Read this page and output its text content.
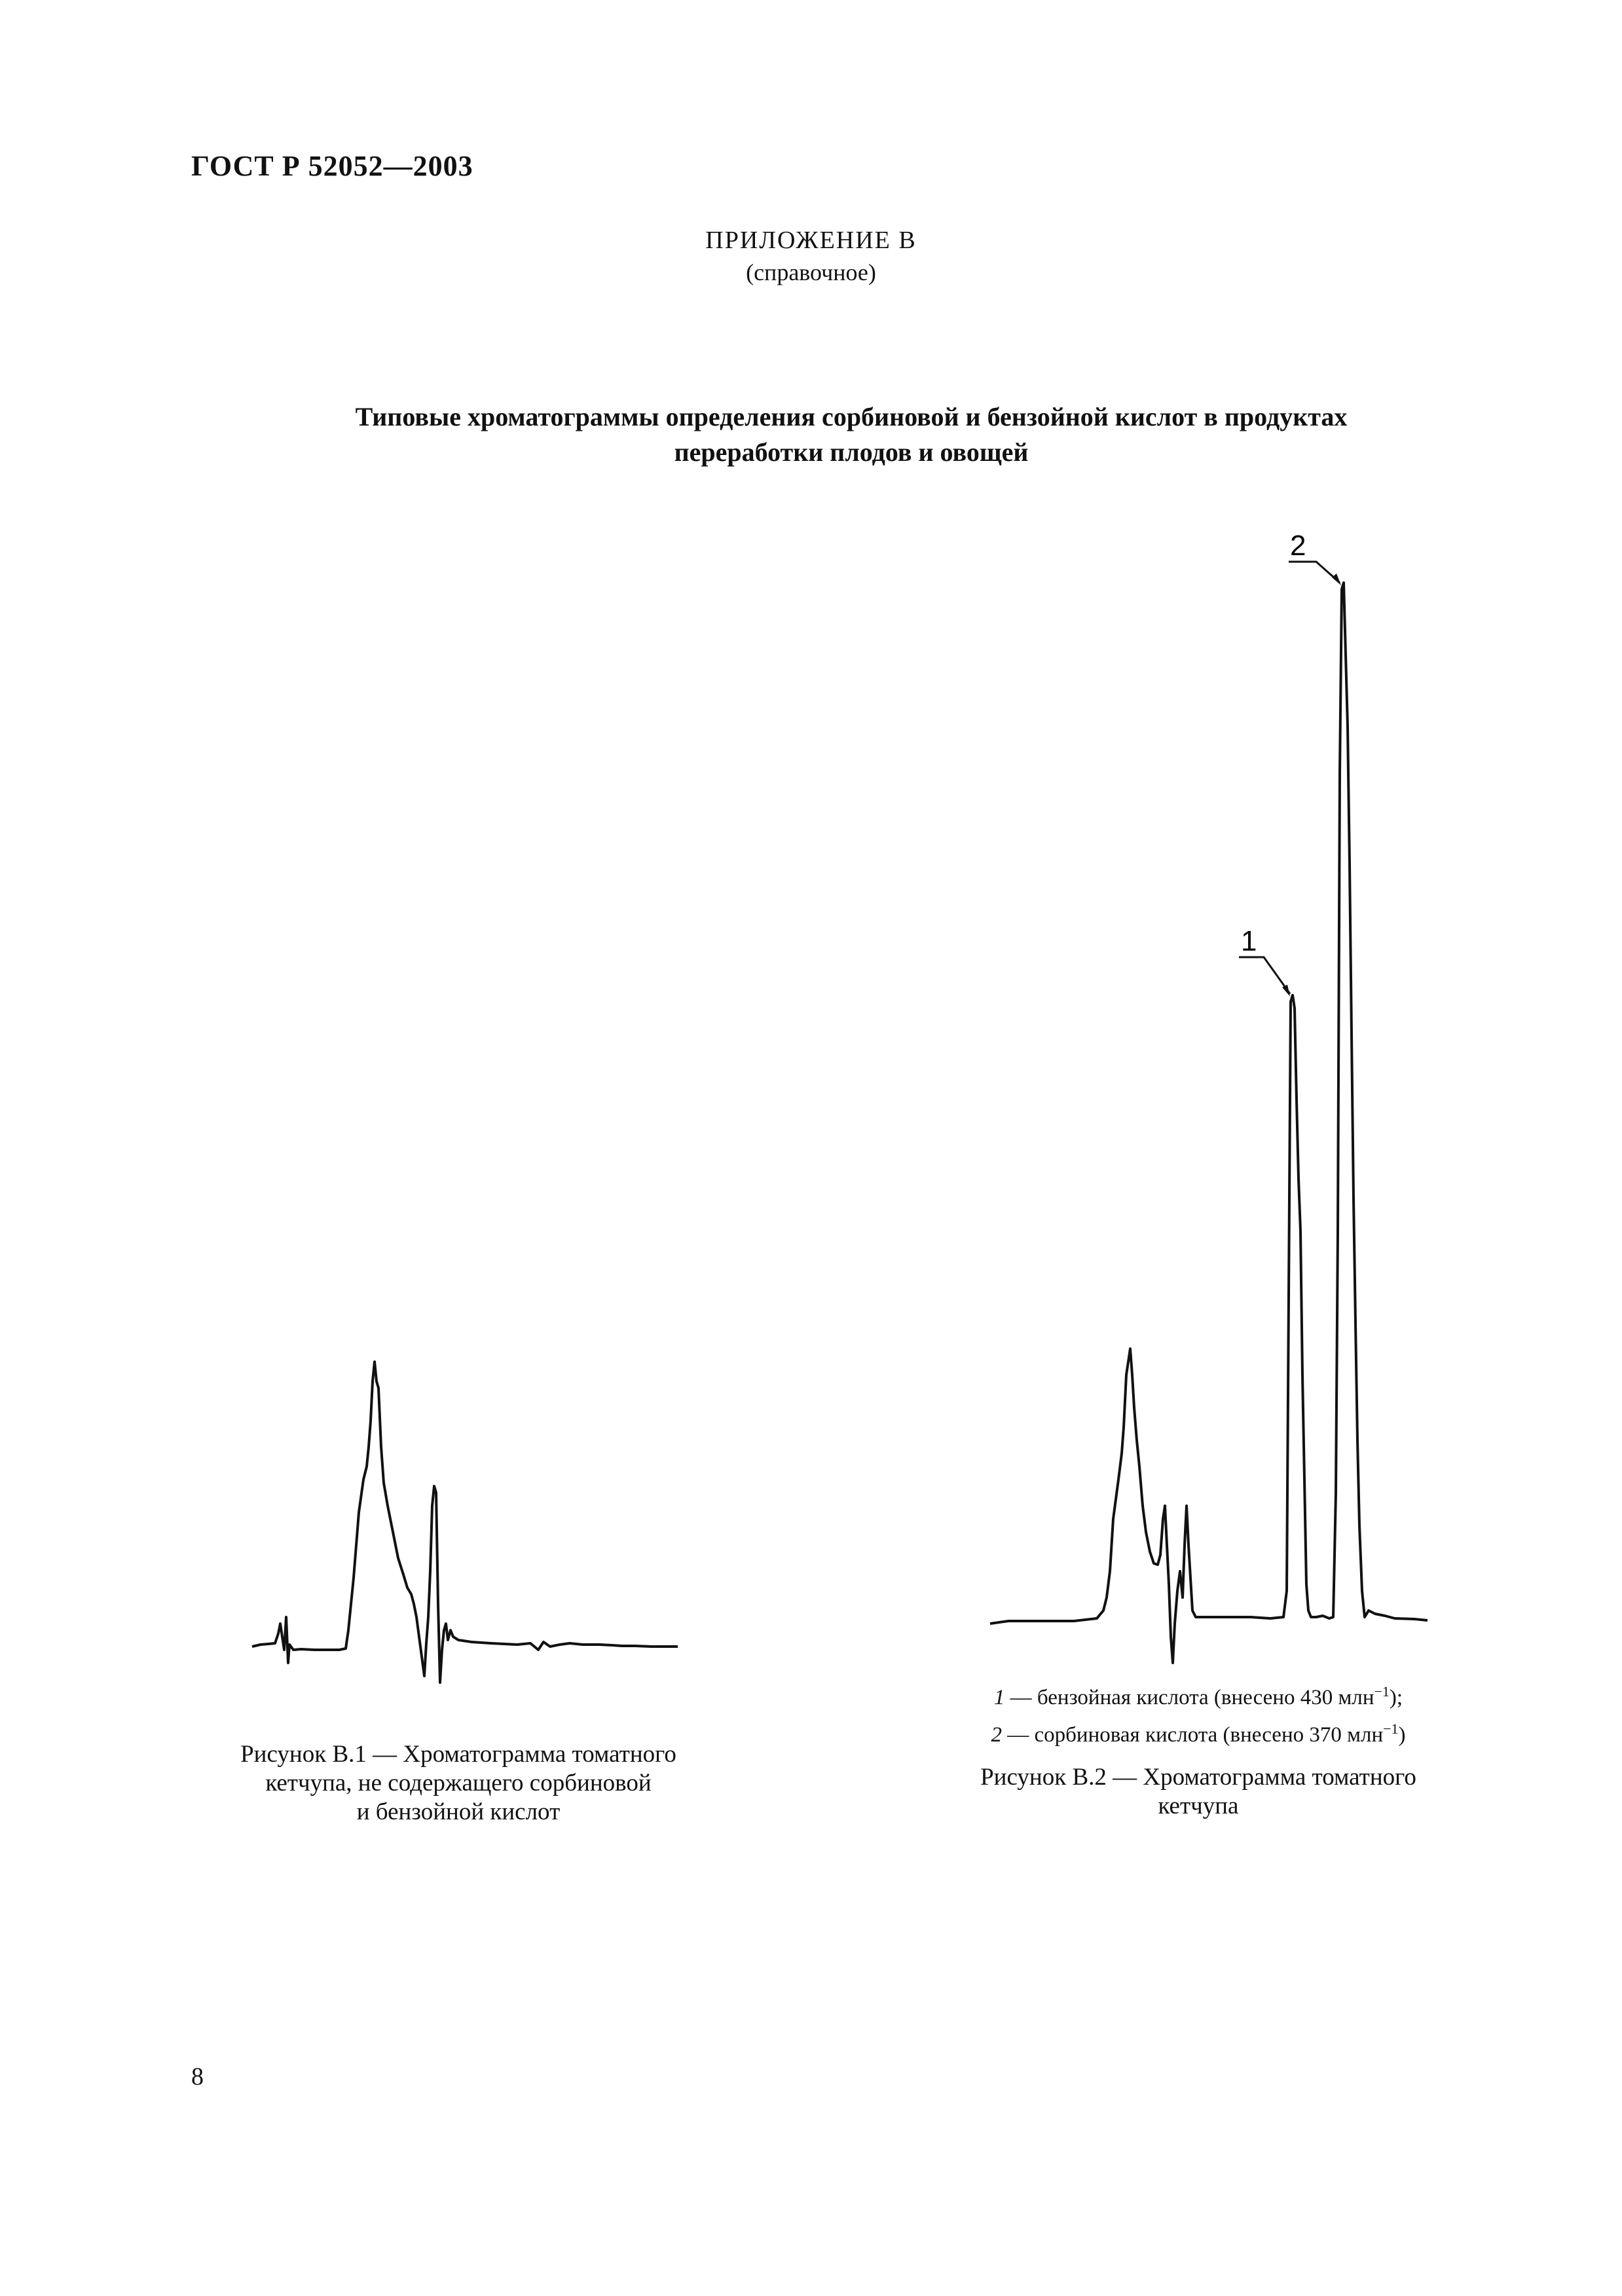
ГОСТ Р 52052—2003
ПРИЛОЖЕНИЕ В
(справочное)
Типовые хроматограммы определения сорбиновой и бензойной кислот в продуктах
переработки плодов и овощей
Рисунок В.1 — Хроматограмма томатного
кетчупа, не содержащего сорбиновой
и бензойной кислот
1
2
1 — бензойная кислота (внесено 430 млн$^{-1}$);
2 — сорбиновая кислота (внесено 370 млн$^{-1}$)
Рисунок В.2 — Хроматограмма томатного
кетчупа
8
